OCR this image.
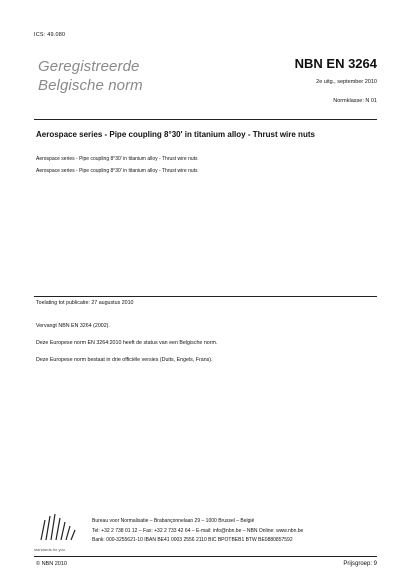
ICS: 49.080
Geregistreerde
Belgische norm
NBN EN 3264
2e uitg., september 2010
Normklasse: N 01
Aerospace series - Pipe coupling 8°30' in titanium alloy - Thrust wire nuts
Aerospace series - Pipe coupling 8°30' in titanium alloy - Thrust wire nuts
Aerospace series - Pipe coupling 8°30' in titanium alloy - Thrust wire nuts
Toelating tot publicatie: 27 augustus 2010
Vervangt NBN EN 3264 (2002).
Deze Europese norm EN 3264:2010 heeft de status van een Belgische norm.
Deze Europese norm bestaat in drie officiële versies (Duits, Engels, Frans).
standards for you
Bureau voor Normalisatie – Brabançonnelaan 29 – 1000 Brussel – België
Tel: +32 2 738 01 12 – Fax: +32 2 733 42 64 – E-mail: info@nbn.be – NBN Online: www.nbn.be
Bank: 000-3255621-10 IBAN BE41 0003 2556 2110 BIC BPOTBEB1 BTW BE0880857592
© NBN 2010	Prijsgroep: 9
